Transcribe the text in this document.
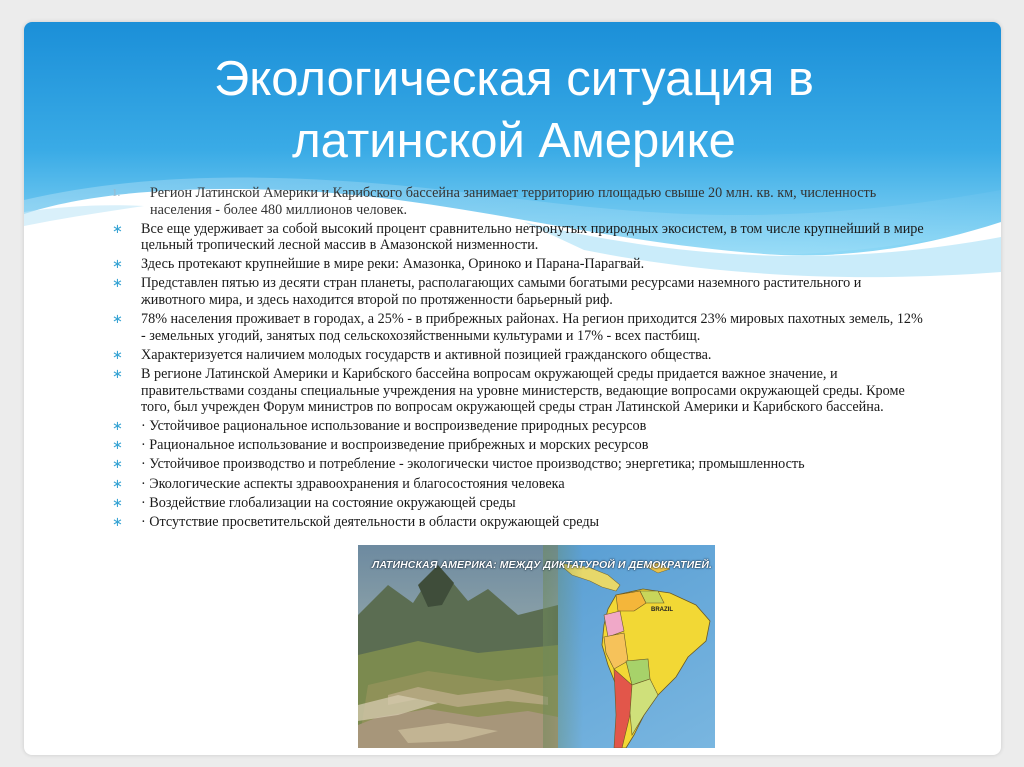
Экологическая ситуация в
латинской Америке
1. Регион Латинской Америки и Карибского бассейна занимает территорию площадью свыше 20 млн. кв. км, численность населения - более 480 миллионов человек.
∗ Все еще удерживает за собой высокий процент сравнительно нетронутых природных экосистем, в том числе крупнейший в мире цельный тропический лесной массив в Амазонской низменности.
∗ Здесь протекают крупнейшие в мире реки: Амазонка, Ориноко и Парана-Парагвай.
∗ Представлен пятью из десяти стран планеты, располагающих самыми богатыми ресурсами наземного растительного и животного мира, и здесь находится второй по протяженности барьерный риф.
∗ 78% населения проживает в городах, а 25% - в прибрежных районах. На регион приходится 23% мировых пахотных земель, 12% - земельных угодий, занятых под сельскохозяйственными культурами и 17% - всех пастбищ.
∗ Характеризуется наличием молодых государств и активной позицией гражданского общества.
∗ В регионе Латинской Америки и Карибского бассейна вопросам окружающей среды придается важное значение, и правительствами созданы специальные учреждения на уровне министерств, ведающие вопросами окружающей среды. Кроме того, был учрежден Форум министров по вопросам окружающей среды стран Латинской Америки и Карибского бассейна.
∗ · Устойчивое рациональное использование и воспроизведение природных ресурсов
∗ · Рациональное использование и воспроизведение прибрежных и морских ресурсов
∗ · Устойчивое производство и потребление - экологически чистое производство; энергетика; промышленность
∗ · Экологические аспекты здравоохранения и благосостояния человека
∗ · Воздействие глобализации на состояние окружающей среды
∗ · Отсутствие просветительской деятельности в области окружающей среды
ЛАТИНСКАЯ АМЕРИКА: МЕЖДУ ДИКТАТУРОЙ И ДЕМОКРАТИЕЙ.
BRAZIL
